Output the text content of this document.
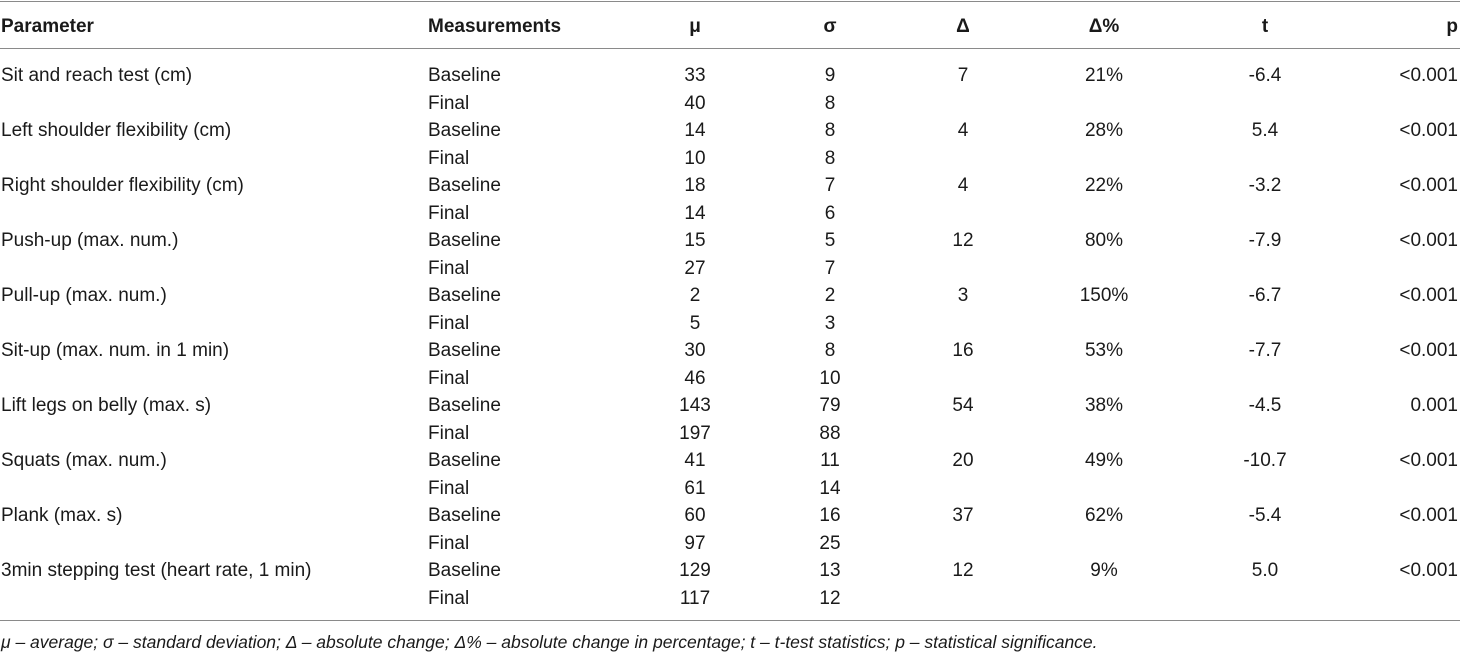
Parameter	Measurements	μ	σ	Δ	Δ%	t	p
Sit and reach test (cm)	Baseline	33	9	7	21%	-6.4	<0.001
Final	40	8
Left shoulder flexibility (cm)	Baseline	14	8	4	28%	5.4	<0.001
Final	10	8
Right shoulder flexibility (cm)	Baseline	18	7	4	22%	-3.2	<0.001
Final	14	6
Push-up (max. num.)	Baseline	15	5	12	80%	-7.9	<0.001
Final	27	7
Pull-up (max. num.)	Baseline	2	2	3	150%	-6.7	<0.001
Final	5	3
Sit-up (max. num. in 1 min)	Baseline	30	8	16	53%	-7.7	<0.001
Final	46	10
Lift legs on belly (max. s)	Baseline	143	79	54	38%	-4.5	0.001
Final	197	88
Squats (max. num.)	Baseline	41	11	20	49%	-10.7	<0.001
Final	61	14
Plank (max. s)	Baseline	60	16	37	62%	-5.4	<0.001
Final	97	25
3min stepping test (heart rate, 1 min)	Baseline	129	13	12	9%	5.0	<0.001
Final	117	12
μ – average; σ – standard deviation; Δ – absolute change; Δ% – absolute change in percentage; t – t-test statistics; p – statistical significance.
